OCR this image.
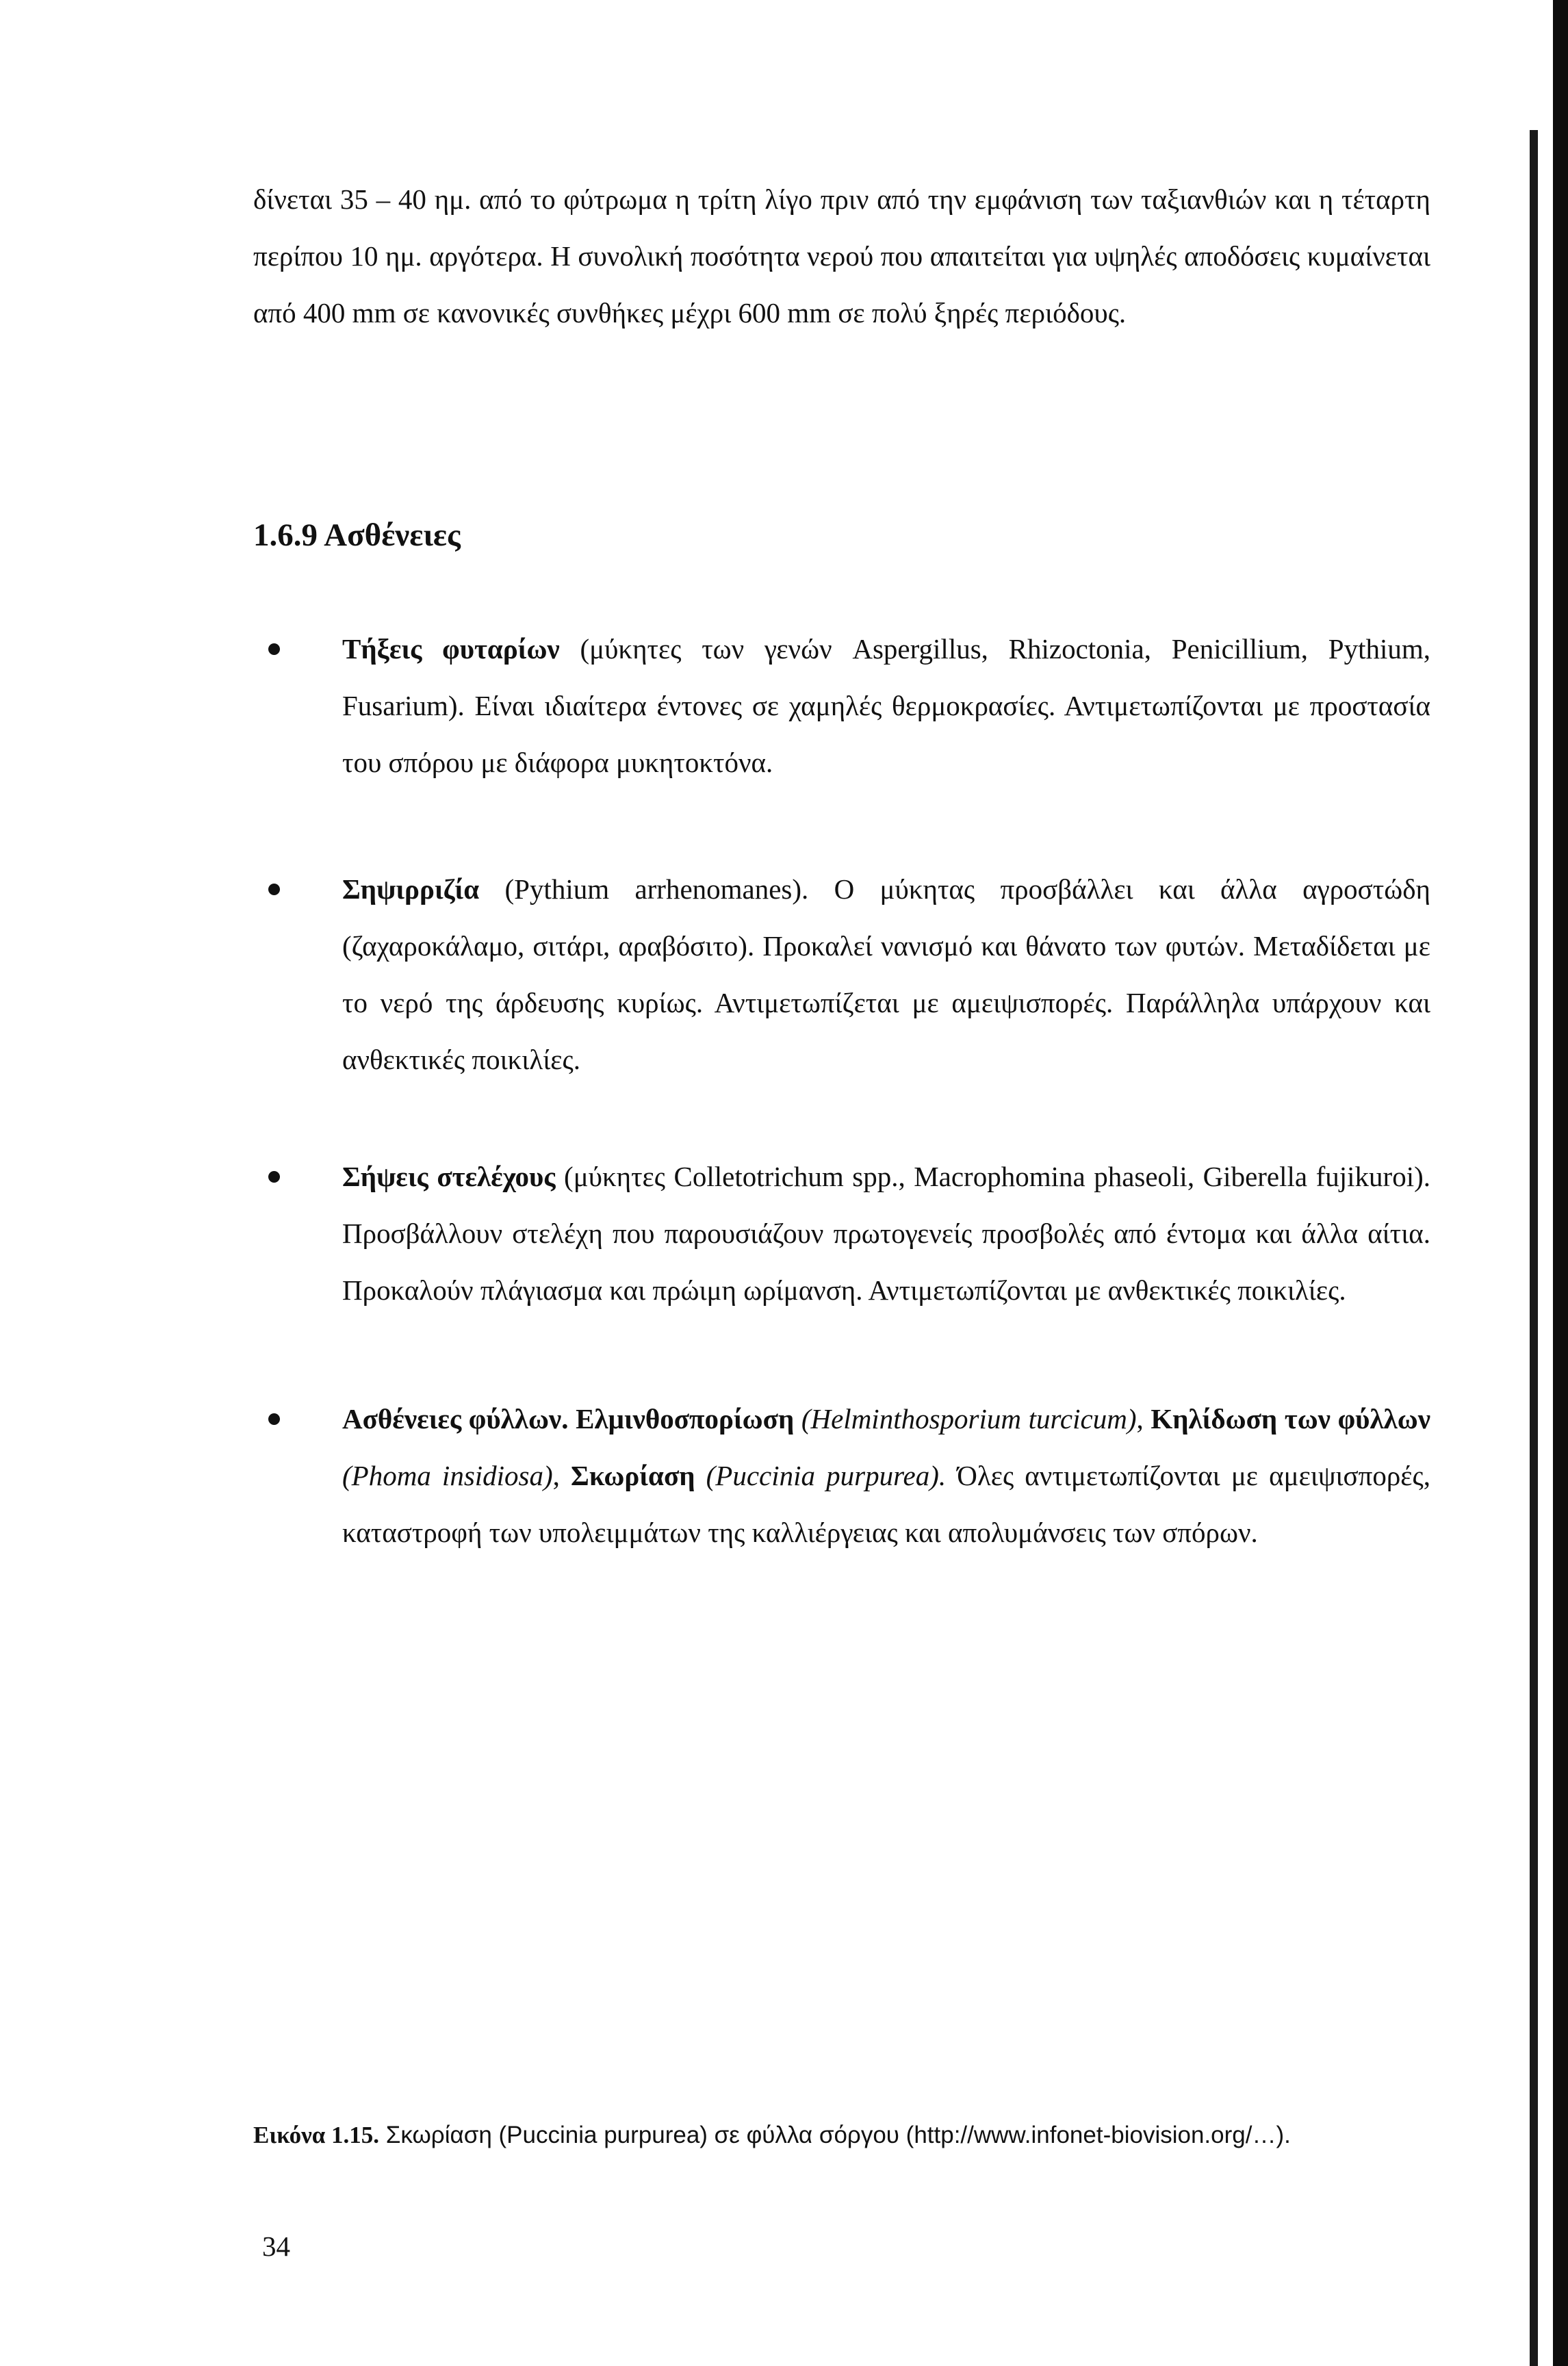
δίνεται 35 – 40 ημ. από το φύτρωμα η τρίτη λίγο πριν από την εμφάνιση των ταξιανθιών και η τέταρτη περίπου 10 ημ. αργότερα. Η συνολική ποσότητα νερού που απαιτείται για υψηλές αποδόσεις κυμαίνεται από 400 mm σε κανονικές συνθήκες μέχρι 600 mm σε πολύ ξηρές περιόδους.

1.6.9 Ασθένειες

Τήξεις φυταρίων (μύκητες των γενών Aspergillus, Rhizoctonia, Penicillium, Pythium, Fusarium). Είναι ιδιαίτερα έντονες σε χαμηλές θερμοκρασίες. Αντιμετωπίζονται με προστασία του σπόρου με διάφορα μυκητοκτόνα.

Σηψιρριζία (Pythium arrhenomanes). Ο μύκητας προσβάλλει και άλλα αγροστώδη (ζαχαροκάλαμο, σιτάρι, αραβόσιτο). Προκαλεί νανισμό και θάνατο των φυτών. Μεταδίδεται με το νερό της άρδευσης κυρίως. Αντιμετωπίζεται με αμειψισπορές. Παράλληλα υπάρχουν και ανθεκτικές ποικιλίες.

Σήψεις στελέχους (μύκητες Colletotrichum spp., Macrophomina phaseoli, Giberella fujikuroi). Προσβάλλουν στελέχη που παρουσιάζουν πρωτογενείς προσβολές από έντομα και άλλα αίτια. Προκαλούν πλάγιασμα και πρώιμη ωρίμανση. Αντιμετωπίζονται με ανθεκτικές ποικιλίες.

Ασθένειες φύλλων. Ελμινθοσπορίωση (Helminthosporium turcicum), Κηλίδωση των φύλλων (Phoma insidiosa), Σκωρίαση (Puccinia purpurea). Όλες αντιμετωπίζονται με αμειψισπορές, καταστροφή των υπολειμμάτων της καλλιέργειας και απολυμάνσεις των σπόρων.

Εικόνα 1.15. Σκωρίαση (Puccinia purpurea) σε φύλλα σόργου (http://www.infonet-biovision.org/…).
34
